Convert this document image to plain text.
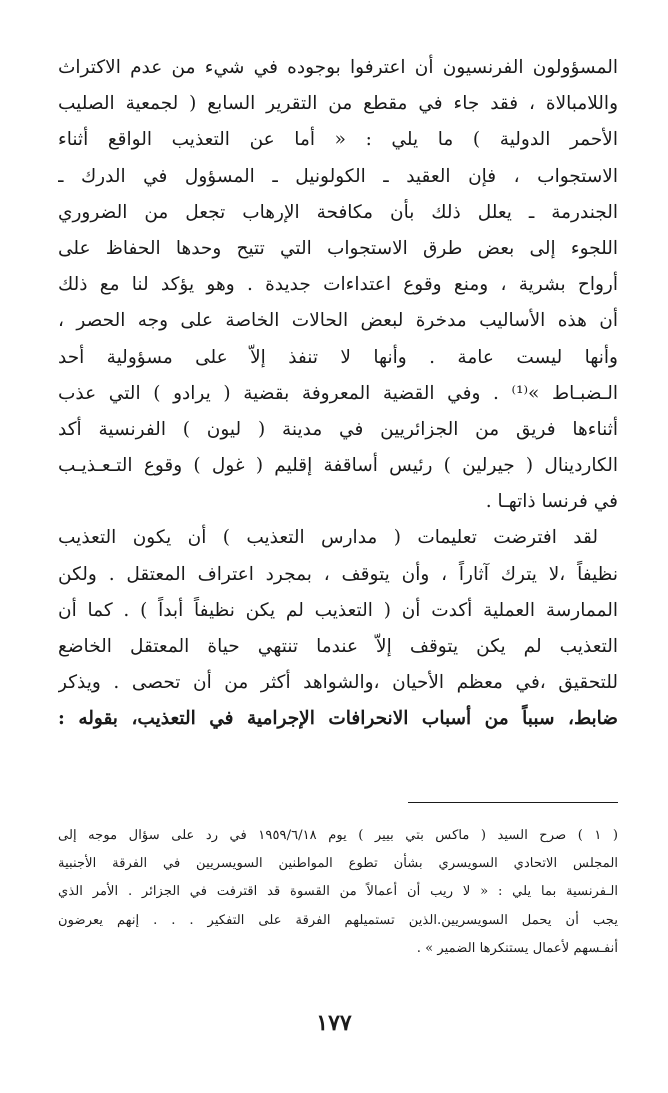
المسؤولون الفرنسيون أن اعترفوا بوجوده في شيء من عدم الاكتراث
واللامبالاة ، فقد جاء في مقطع من التقرير السابع ( لجمعية الصليب
الأحمر الدولية ) ما يلي : « أما عن التعذيب الواقع أثناء
الاستجواب ، فإن العقيد ـ الكولونيل ـ المسؤول في الدرك ـ
الجندرمة ـ يعلل ذلك بأن مكافحة الإرهاب تجعل من الضروري
اللجوء إلى بعض طرق الاستجواب التي تتيح وحدها الحفاظ على
أرواح بشرية ، ومنع وقوع اعتداءات جديدة . وهو يؤكد لنا مع ذلك
أن هذه الأساليب مدخرة لبعض الحالات الخاصة على وجه الحصر ،
وأنها ليست عامة . وأنها لا تنفذ إلاّ على مسؤولية أحد
الـضبـاط »⁽¹⁾ . وفي القضية المعروفة بقضية ( يرادو ) التي عذب
أثناءها فريق من الجزائريين في مدينة ( ليون ) الفرنسية أكد
الكاردينال ( جيرلين ) رئيس أساقفة إقليم ( غول ) وقوع التـعـذيـب
في فرنسا ذاتهـا .
لقد افترضت تعليمات ( مدارس التعذيب ) أن يكون التعذيب
نظيفاً ،لا يترك آثاراً ، وأن يتوقف ، بمجرد اعتراف المعتقل . ولكن
الممارسة العملية أكدت أن ( التعذيب لم يكن نظيفاً أبداً ) . كما أن
التعذيب لم يكن يتوقف إلاّ عندما تنتهي حياة المعتقل الخاضع
للتحقيق ،في معظم الأحيان ،والشواهد أكثر من أن تحصى . ويذكر
ضابط، سبباً من أسباب الانحرافات الإجرامية في التعذيب، بقوله :
( ١ ) صرح السيد ( ماكس بتي بيير ) يوم ١٩٥٩/٦/١٨ في رد على سؤال موجه إلى
المجلس الاتحادي السويسري بشأن تطوع المواطنين السويسريين في الفرقة الأجنبية
الـفرنسية بما يلي : « لا ريب أن أعمالاً من القسوة قد اقترفت في الجزائر . الأمر الذي
يجب أن يحمل السويسريين.الذين تستميلهم الفرقة على التفكير . . . إنهم يعرضون
أنفـسهم لأعمال يستنكرها الضمير » .
١٧٧
